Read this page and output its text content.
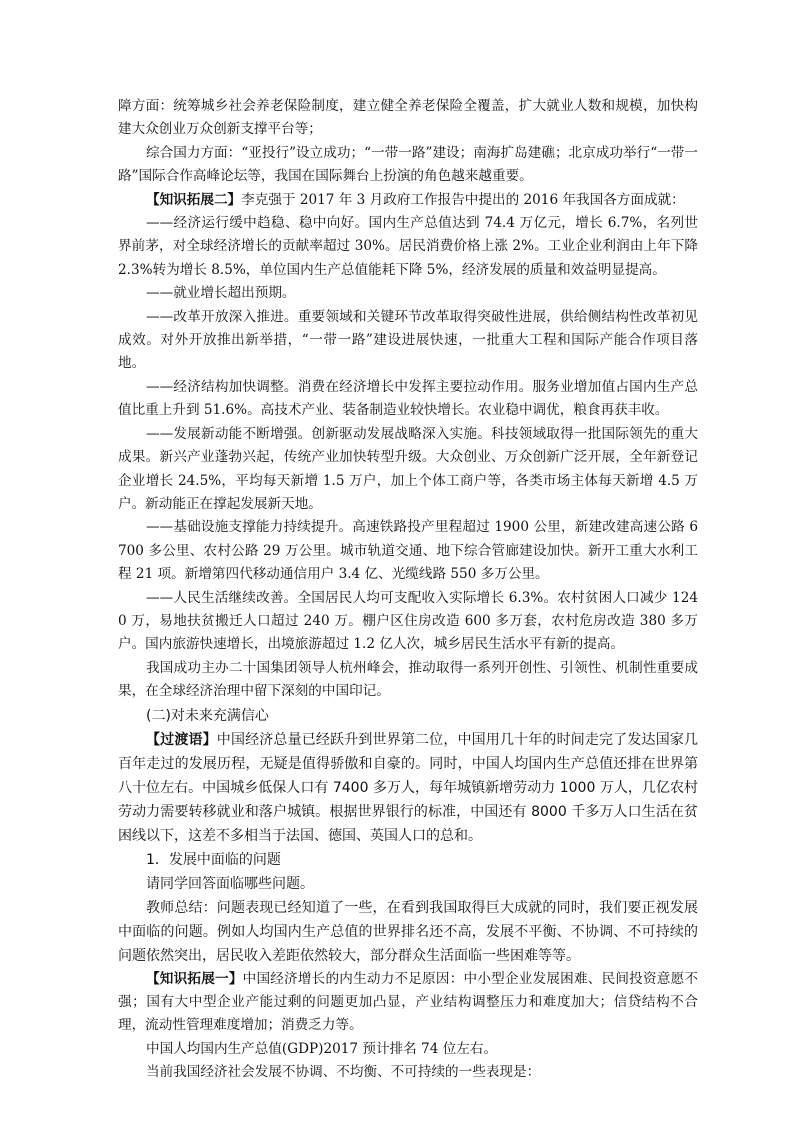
障方面：统筹城乡社会养老保险制度，建立健全养老保险全覆盖，扩大就业人数和规模，加快构建大众创业万众创新支撑平台等；

综合国力方面：“亚投行”设立成功；“一带一路”建设；南海扩岛建礁；北京成功举行“一带一路”国际合作高峰论坛等，我国在国际舞台上扮演的角色越来越重要。

【知识拓展二】李克强于 2017 年 3 月政府工作报告中提出的 2016 年我国各方面成就：

——经济运行缓中趋稳、稳中向好。国内生产总值达到 74.4 万亿元，增长 6.7%，名列世界前茅，对全球经济增长的贡献率超过 30%。居民消费价格上涨 2%。工业企业利润由上年下降 2.3%转为增长 8.5%，单位国内生产总值能耗下降 5%，经济发展的质量和效益明显提高。

——就业增长超出预期。

——改革开放深入推进。重要领域和关键环节改革取得突破性进展，供给侧结构性改革初见成效。对外开放推出新举措，“一带一路”建设进展快速，一批重大工程和国际产能合作项目落地。

——经济结构加快调整。消费在经济增长中发挥主要拉动作用。服务业增加值占国内生产总值比重上升到 51.6%。高技术产业、装备制造业较快增长。农业稳中调优，粮食再获丰收。

——发展新动能不断增强。创新驱动发展战略深入实施。科技领域取得一批国际领先的重大成果。新兴产业蓬勃兴起，传统产业加快转型升级。大众创业、万众创新广泛开展，全年新登记企业增长 24.5%，平均每天新增 1.5 万户，加上个体工商户等，各类市场主体每天新增 4.5 万户。新动能正在撑起发展新天地。

——基础设施支撑能力持续提升。高速铁路投产里程超过 1900 公里，新建改建高速公路 6700 多公里、农村公路 29 万公里。城市轨道交通、地下综合管廊建设加快。新开工重大水利工程 21 项。新增第四代移动通信用户 3.4 亿、光缆线路 550 多万公里。

——人民生活继续改善。全国居民人均可支配收入实际增长 6.3%。农村贫困人口减少 1240 万，易地扶贫搬迁人口超过 240 万。棚户区住房改造 600 多万套，农村危房改造 380 多万户。国内旅游快速增长，出境旅游超过 1.2 亿人次，城乡居民生活水平有新的提高。

我国成功主办二十国集团领导人杭州峰会，推动取得一系列开创性、引领性、机制性重要成果，在全球经济治理中留下深刻的中国印记。

(二)对未来充满信心

【过渡语】中国经济总量已经跃升到世界第二位，中国用几十年的时间走完了发达国家几百年走过的发展历程，无疑是值得骄傲和自豪的。同时，中国人均国内生产总值还排在世界第八十位左右。中国城乡低保人口有 7400 多万人，每年城镇新增劳动力 1000 万人，几亿农村劳动力需要转移就业和落户城镇。根据世界银行的标准，中国还有 8000 千多万人口生活在贫困线以下，这差不多相当于法国、德国、英国人口的总和。

1．发展中面临的问题

请同学回答面临哪些问题。

教师总结：问题表现已经知道了一些，在看到我国取得巨大成就的同时，我们要正视发展中面临的问题。例如人均国内生产总值的世界排名还不高，发展不平衡、不协调、不可持续的问题依然突出，居民收入差距依然较大，部分群众生活面临一些困难等等。

【知识拓展一】中国经济增长的内生动力不足原因：中小型企业发展困难、民间投资意愿不强；国有大中型企业产能过剩的问题更加凸显，产业结构调整压力和难度加大；信贷结构不合理，流动性管理难度增加；消费乏力等。

中国人均国内生产总值(GDP)2017 预计排名 74 位左右。

当前我国经济社会发展不协调、不均衡、不可持续的一些表现是：
